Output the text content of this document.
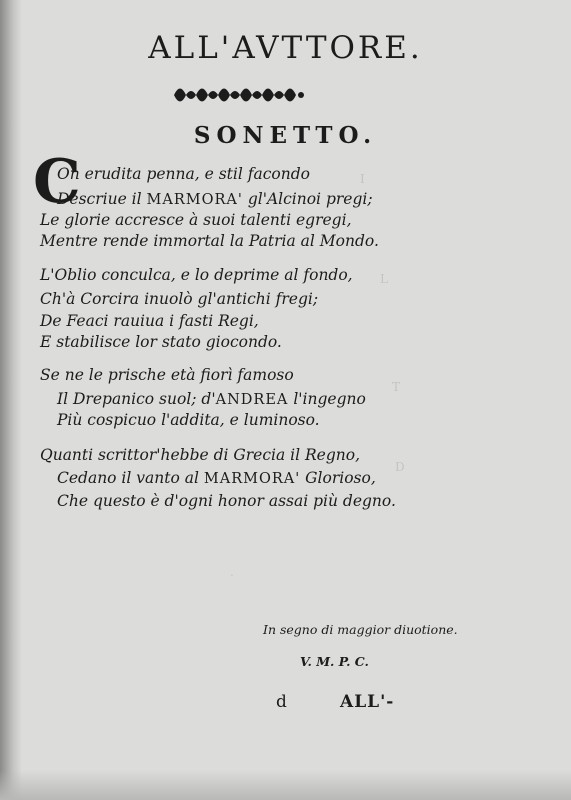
I
L
T
D
.
ALL'AVTTORE.
SONETTO.
C
On erudita penna, e stil facondo
Descriue il MARMORA' gl'Alcinoi pregi;
Le glorie accresce à suoi talenti egregi,
Mentre rende immortal la Patria al Mondo.
L'Oblio conculca, e lo deprime al fondo,
Ch'à Corcira inuolò gl'antichi fregi;
De Feaci rauiua i fasti Regi,
E stabilisce lor stato giocondo.
Se ne le prische età fiorì famoso
Il Drepanico suol; d'ANDREA l'ingegno
Più cospicuo l'addita, e luminoso.
Quanti scrittor'hebbe di Grecia il Regno,
Cedano il vanto al MARMORA' Glorioso,
Che questo è d'ogni honor assai più degno.
In segno di maggior diuotione.
V. M. P. C.
d	ALL'-
